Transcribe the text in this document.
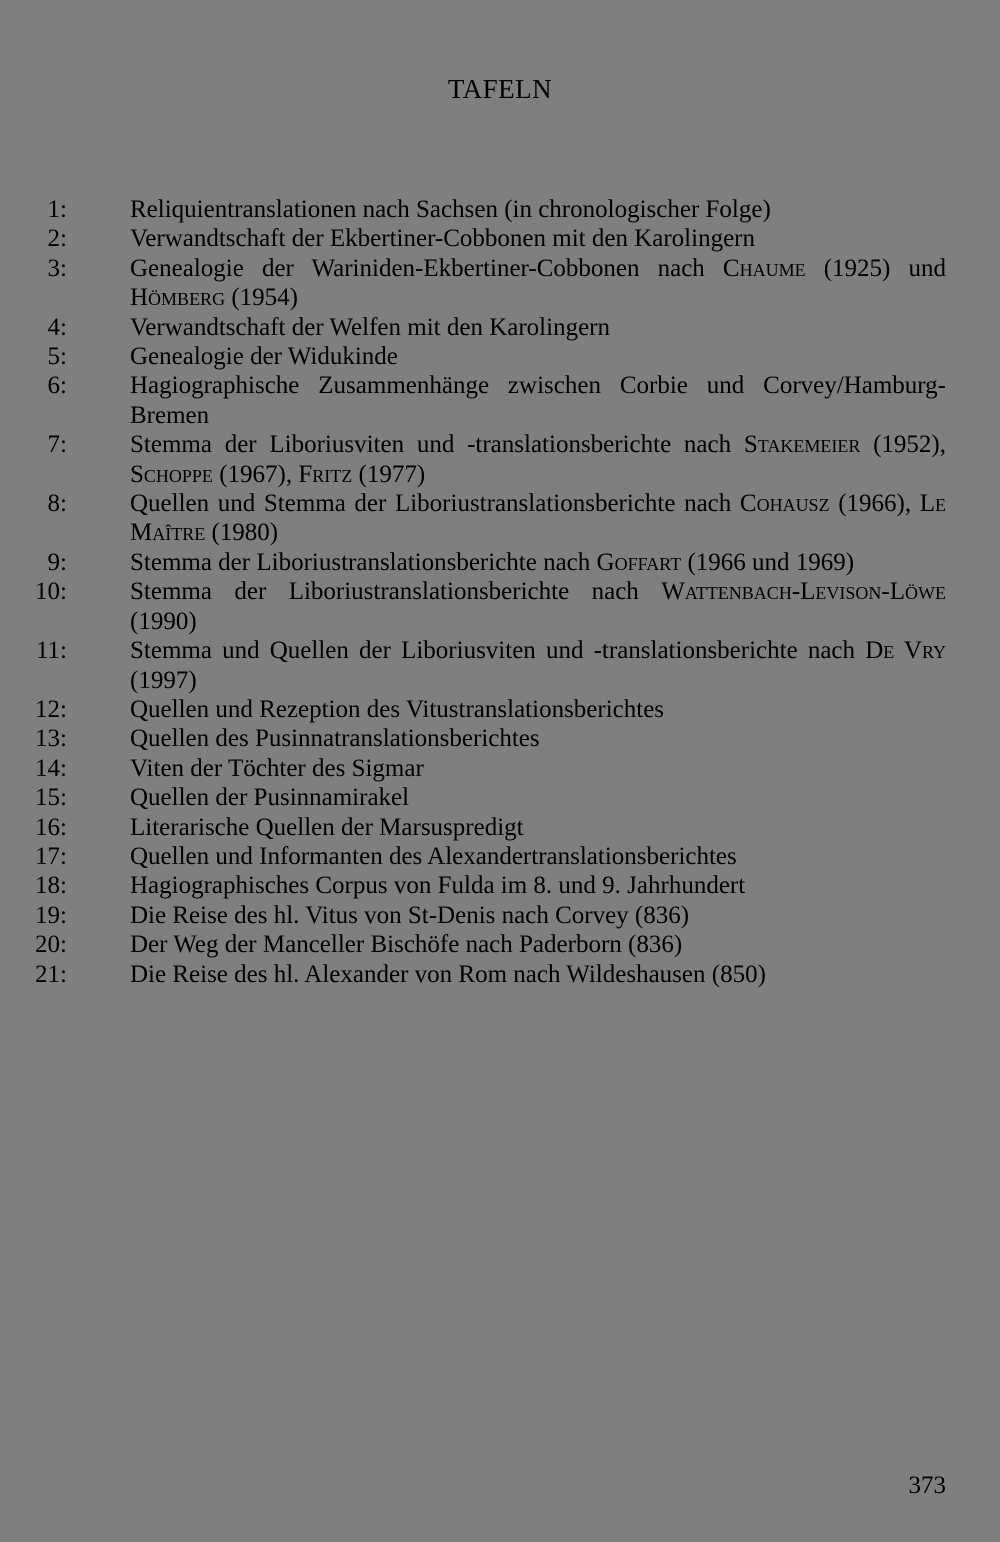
TAFELN
1:	Reliquientranslationen nach Sachsen (in chronologischer Folge)
2:	Verwandtschaft der Ekbertiner-Cobbonen mit den Karolingern
3:	Genealogie der Wariniden-Ekbertiner-Cobbonen nach Chaume (1925) und Hömberg (1954)
4:	Verwandtschaft der Welfen mit den Karolingern
5:	Genealogie der Widukinde
6:	Hagiographische Zusammenhänge zwischen Corbie und Corvey/Hamburg-Bremen
7:	Stemma der Liboriusviten und -translationsberichte nach Stakemeier (1952), Schoppe (1967), Fritz (1977)
8:	Quellen und Stemma der Liboriustranslationsberichte nach Cohausz (1966), Le Maître (1980)
9:	Stemma der Liboriustranslationsberichte nach Goffart (1966 und 1969)
10:	Stemma der Liboriustranslationsberichte nach Wattenbach-Levison-Löwe (1990)
11:	Stemma und Quellen der Liboriusviten und -translationsberichte nach De Vry (1997)
12:	Quellen und Rezeption des Vitustranslationsberichtes
13:	Quellen des Pusinnatranslationsberichtes
14:	Viten der Töchter des Sigmar
15:	Quellen der Pusinnamirakel
16:	Literarische Quellen der Marsuspredigt
17:	Quellen und Informanten des Alexandertranslationsberichtes
18:	Hagiographisches Corpus von Fulda im 8. und 9. Jahrhundert
19:	Die Reise des hl. Vitus von St-Denis nach Corvey (836)
20:	Der Weg der Manceller Bischöfe nach Paderborn (836)
21:	Die Reise des hl. Alexander von Rom nach Wildeshausen (850)
373
